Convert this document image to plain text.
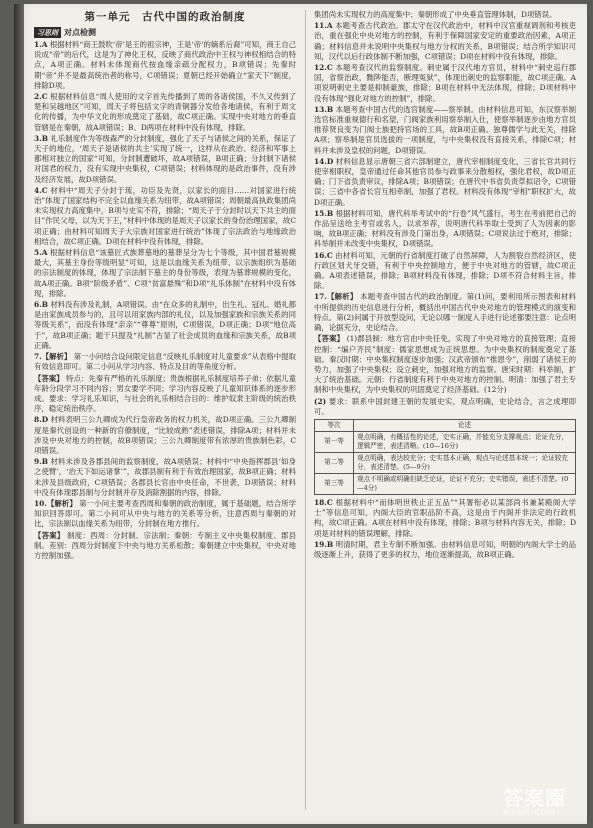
第一单元　古代中国的政治制度
习思则 对点检测

1.A 根据材料“商王鼓吹‘帝’是王的祖宗神，王是‘帝’的嫡系后裔”可知，商王自己说成“帝”的后代，这是为了神化王权，反映了商代政治中王权与神权相结合的特点，A项正确。材料未体现商代按血缘亲疏分配权力，B项错误；先秦时期“帝”并不是最高统治者的称号，C项错误；夏朝已经开始确立“家天下”制度，排除D项。

2.C 根据材料信息“周人使用的文字首先传播到了周的各诸侯国，不久又传到了楚和吴越地区”可知，周天子将包括文字的青铜器分发给各地诸侯，有利于周文化的传播，为中华文化的形成奠定了基础，故C项正确。实现中央对地方的垂直管辖是在秦朝，故A项错误；B、D两项在材料中没有体现，排除。

3.B 礼乐制度作为等级森严的分封制度，强化了天子与诸侯之间的关系，保证了天子的地位，‘周天子是诸侯的共主’实现了统一，这样从在政治、经济和军事上都相对独立的国家“可知，分封制遭破坏，故A项错误，B项正确；分封制下诸侯对国君的权力，没有实现中央集权，C项错误；材料体现的是政治事件，没有涉及经济发展，故D项错误。

4.C 材料中“周天子分封于琉，功臣及先贤，以家长的面目……对国家进行统治”体现了国家结构不完全以血缘关系为纽带，故A项错误；周朝最高执政集团尚未实现权力高度集中，B项与史实不符，排除；“周天子于分封时以天下共主的面目”作民父母，以为天下王，”材料中体现的是周天子以家长的身份治理国家，故C项正确；由材料可知周天子大宗族对国家进行统治”体现了宗法政治与地缘政治相结合，故C项正确。D项在材料中没有体现，排除。

5.A 根据材料信息“该墓匠式族葬墓地的墓葬呈分为七个等级，其中国君墓规模最大，其墓主身份等级明显”可知，这是以血缘关系为纽带、以宗族组织为基础的宗法制度的体现，体现了宗法制下墓主的身份等级，表现为墓葬规模的变化，故A项正确。B项“阶级矛盾”、C项“贫富悬殊”和D项“礼乐体制”在材料中没有体现，排除。

6.B 材料没有涉及礼制，A项错误。由“在众多的礼制中，出生礼、冠礼、婚礼都是由家族成员参与的，且可以用家族内部的礼仪，以及加强家族和宗族关系的同等级关系”，而没有体现“亲亲”“尊尊”原则，C项错误，D项正确；D项“地位高于”，故B项正确；题干只提及“礼制”古显了社会成员的血缘和宗族关系，故B项正确。

7.【解析】 第一小问结合设问限定信息“反映礼乐制度对儿童要求”从表格中提取有效信息即可。第二小问从学习内容、特点及目的等角度分析。

【答案】 特点：先秦有严格的礼乐制度；贵族根据礼乐制度培养子弟；依据儿童年龄分段学习不同内容；男女要学不同；学习内容反映了儿童知识体系的逐步形成。要求：学习礼乐知识，与社会的礼乐相结合目的：维护奴隶主阶级的统治秩序，稳定统治秩序。

8.D 材料表明三公九卿成为代行皇帝政务的权力机关，故D项正确。三公九卿制度是秦代创设的一种新的官僚制度，“比较成熟”表述错误，排除A项；材料并未涉及中央对地方的控制，故B项错误；三公九卿制度带有浓厚的贵族制色彩，C项错误。

9.B 材料未涉及各郡县间的监察制度，故A项错误；材料中“中央指挥郡县‘如身之使臂’，‘治天下如运诸掌’”，故郡县制有利于有效治理国家，故B项正确；材料未涉及县级政府，C项错误；各郡县长官由中央任命，不世袭，D项错误；材料中没有体现郡县制与分封制并存及消除割据的内容，排除。

10.【解析】 第一小问主要考查西周和秦朝的政治制度，属于基础题，结合所学知识回答即可。第二小问可从中央与地方的关系等分析，注意西周与秦朝的对比，宗法制以血缘关系为纽带，分封制在地方推行。

【答案】 制度：西周：分封制、宗法制；秦朝：专制主义中央集权制度、郡县制。差别：西周分封制度下中央与地方关系松散；秦朝建立中央集权，中央对地方控制加强。

集团尚未实现权力的高度集中；秦朝形成了中央垂直管理体制，D项错误。

11.A 本题考查古代政治。郡太守在汉代政治中，材料中汉官重视调剂和考核吏治，重在强化中央对地方的控制，有利于保障国家安定的重要政治因素，A项正确；材料信息并未说明中央集权与地方分权的关系，B项错误；结合所学知识可知，汉代以后行政体制不断加强，C项错误；D项在材料中没有体现，排除。

12.C 本题考查汉代的监察制度。刺史属于汉代地方官员，材料中“刺史巡行郡国，省察治政，黜陟能否，断理冤狱”，体现出刺史的监察职能，故C项正确。A项说明刺史主要是抑制豪族，排除；B项在材料中无法体现，排除；D项材料中没有体现“强化对地方的控制”，排除。

13.B 本题考查中国古代的选官制度——察举制。由材料信息可知，东汉察举制选官标准重视德行和名望，门阀家族利用察举制入仕，使察举制逐步由地方官员推荐贤良变为门阀士族把持官场的工具，故B项正确。独尊儒学与此无关，排除A项；察举制是官员选拔的一项制度，与中央集权没有直接关系，排除C项；材料并未涉及皇权的问题，D项错误。

14.D 材料信息显示唐朝三省六部制建立，唐代宰相制度变化，三省长官共同行使宰相职权，皇帝通过任命其他官员参与政事来分散相权，强化君权，故D项正确；门下省负责审议，排除A项；B项错误；在唐代中书省负责草拟诏令，C项错误；三省中各省长官互相牵制，加强了君权。材料没有体现“宰相”职权扩大，故D项正确。

15.B 根据材料可知，唐代科举考试中的“行卷”风气盛行，考生在考前把自己的作品呈送给主考官或名人，以求举荐，说明唐代科举取士受到了人为因素的影响，故B项正确；材料没有涉及门第出身，A项错误；C项说法过于绝对，排除；科举制并未改变中央集权，D项错误。

16.C 由材料可知，元朝的行省制度打破了自然屏障，人为割裂自然经济区，使行政区划犬牙交错，有利于中央控制地方，便于中央对地方的管辖，故C项正确。A项表述错误，排除；B项材料没有体现，排除；D项不符合材料主旨，排除。

17.【解析】 本题考查中国古代的政治制度。第(1)问，要利用所示图表和材料中所提供的历史信息进行分析，概括出中国古代中央对地方的管理模式的演变和特点。第(2)问属于开放型设问，无论以哪一制度入手进行论述都要注意：论点明确，论据充分，史论结合。

【答案】 (1)郡县制：地方官由中央任免，实现了中央对地方的直接管理；直接控制：“编户齐民”制度：儒家思想成为正统思想。为中央集权的制度奠定了基础。秦汉时期：中央集权制度逐步加强；汉武帝颁布“推恩令”，削弱了诸侯王的势力，加强了中央集权；设立刺史，加强对地方的监察。唐宋时期：科举制，扩大了统治基础。元朝：行省制度有利于中央对地方的控制。明清：加强了君主专制和中央集权，为中央集权的巩固奠定了经济基础。(12分)

(2) 要求：联系中国封建王朝的发展史实，观点明确，史论结合，言之成理即可。

等次	论述
第一等	观点明确，有概括性的论述，史实正确，并能充分支撑观点；论证充分，逻辑严密，表述清晰。(10—16分)
第二等	观点明确，表达较充分；史实基本正确，观点与论述基本统一；论证较充分，表述清楚。(5—9分)
第三等	观点不明确或明确但缺乏论证，论证不充分；史实错误，表述不清楚。(0—4分)

18.C 根据材料中“而体明世秩止正五品”“其署衔必以某部尚书兼某殿阁大学士”等信息可知，内阁大臣的官职品阶不高，这是由于内阁并非法定的行政机构，故C项正确。A项在材料中没有体现，排除；B项与材料内容无关，排除；D项是对材料的错误理解，排除。

19.B 明清时期，君主专制不断加强。由材料信息可知，明朝的内阁大学士的品级逐渐上升，获得了更多的权力，地位逐渐提高，故B项正确。

答案圈
MXQE.COM
